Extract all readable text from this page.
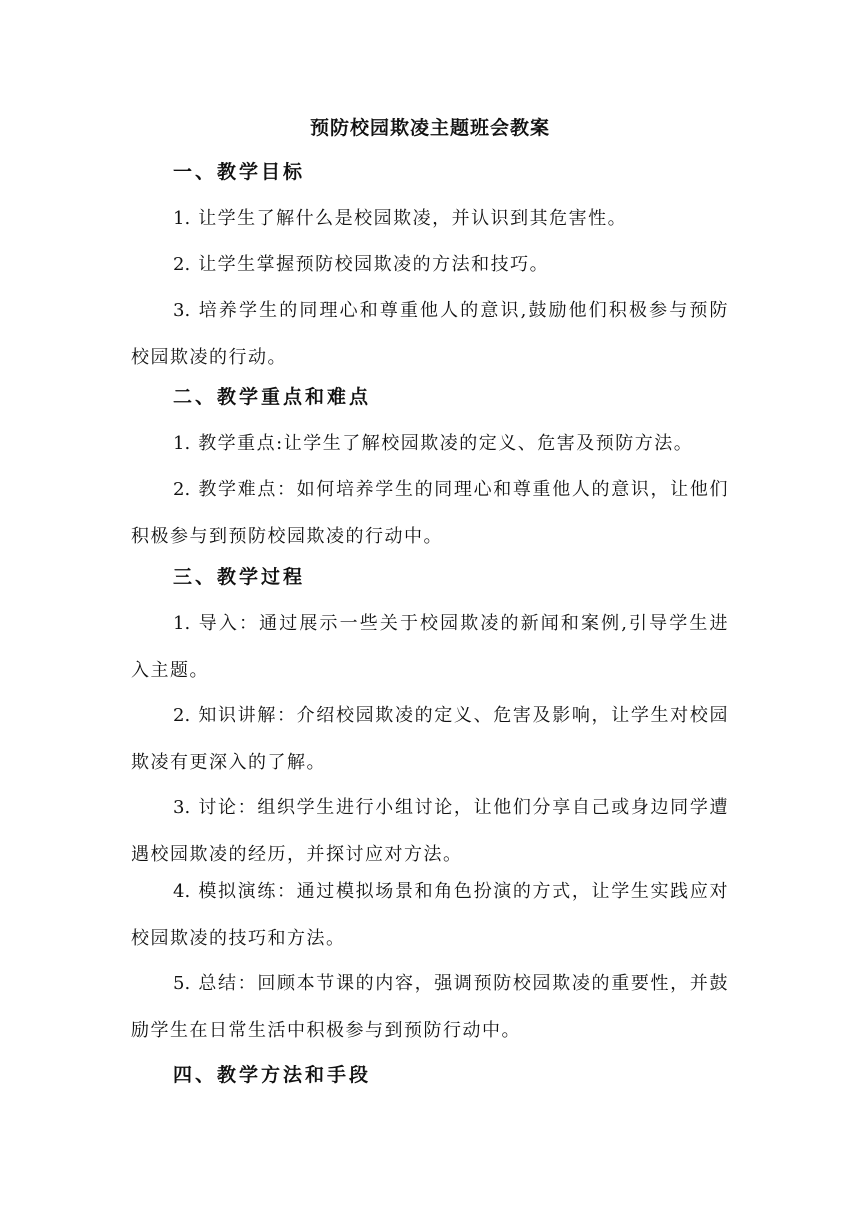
预防校园欺凌主题班会教案
一、教学目标

1. 让学生了解什么是校园欺凌，并认识到其危害性。

2. 让学生掌握预防校园欺凌的方法和技巧。

3. 培养学生的同理心和尊重他人的意识,鼓励他们积极参与预防校园欺凌的行动。

二、教学重点和难点

1. 教学重点:让学生了解校园欺凌的定义、危害及预防方法。

2. 教学难点：如何培养学生的同理心和尊重他人的意识，让他们积极参与到预防校园欺凌的行动中。

三、教学过程

1. 导入：通过展示一些关于校园欺凌的新闻和案例,引导学生进入主题。

2. 知识讲解：介绍校园欺凌的定义、危害及影响，让学生对校园欺凌有更深入的了解。

3. 讨论：组织学生进行小组讨论，让他们分享自己或身边同学遭遇校园欺凌的经历，并探讨应对方法。

4. 模拟演练：通过模拟场景和角色扮演的方式，让学生实践应对校园欺凌的技巧和方法。

5. 总结：回顾本节课的内容，强调预防校园欺凌的重要性，并鼓励学生在日常生活中积极参与到预防行动中。

四、教学方法和手段
